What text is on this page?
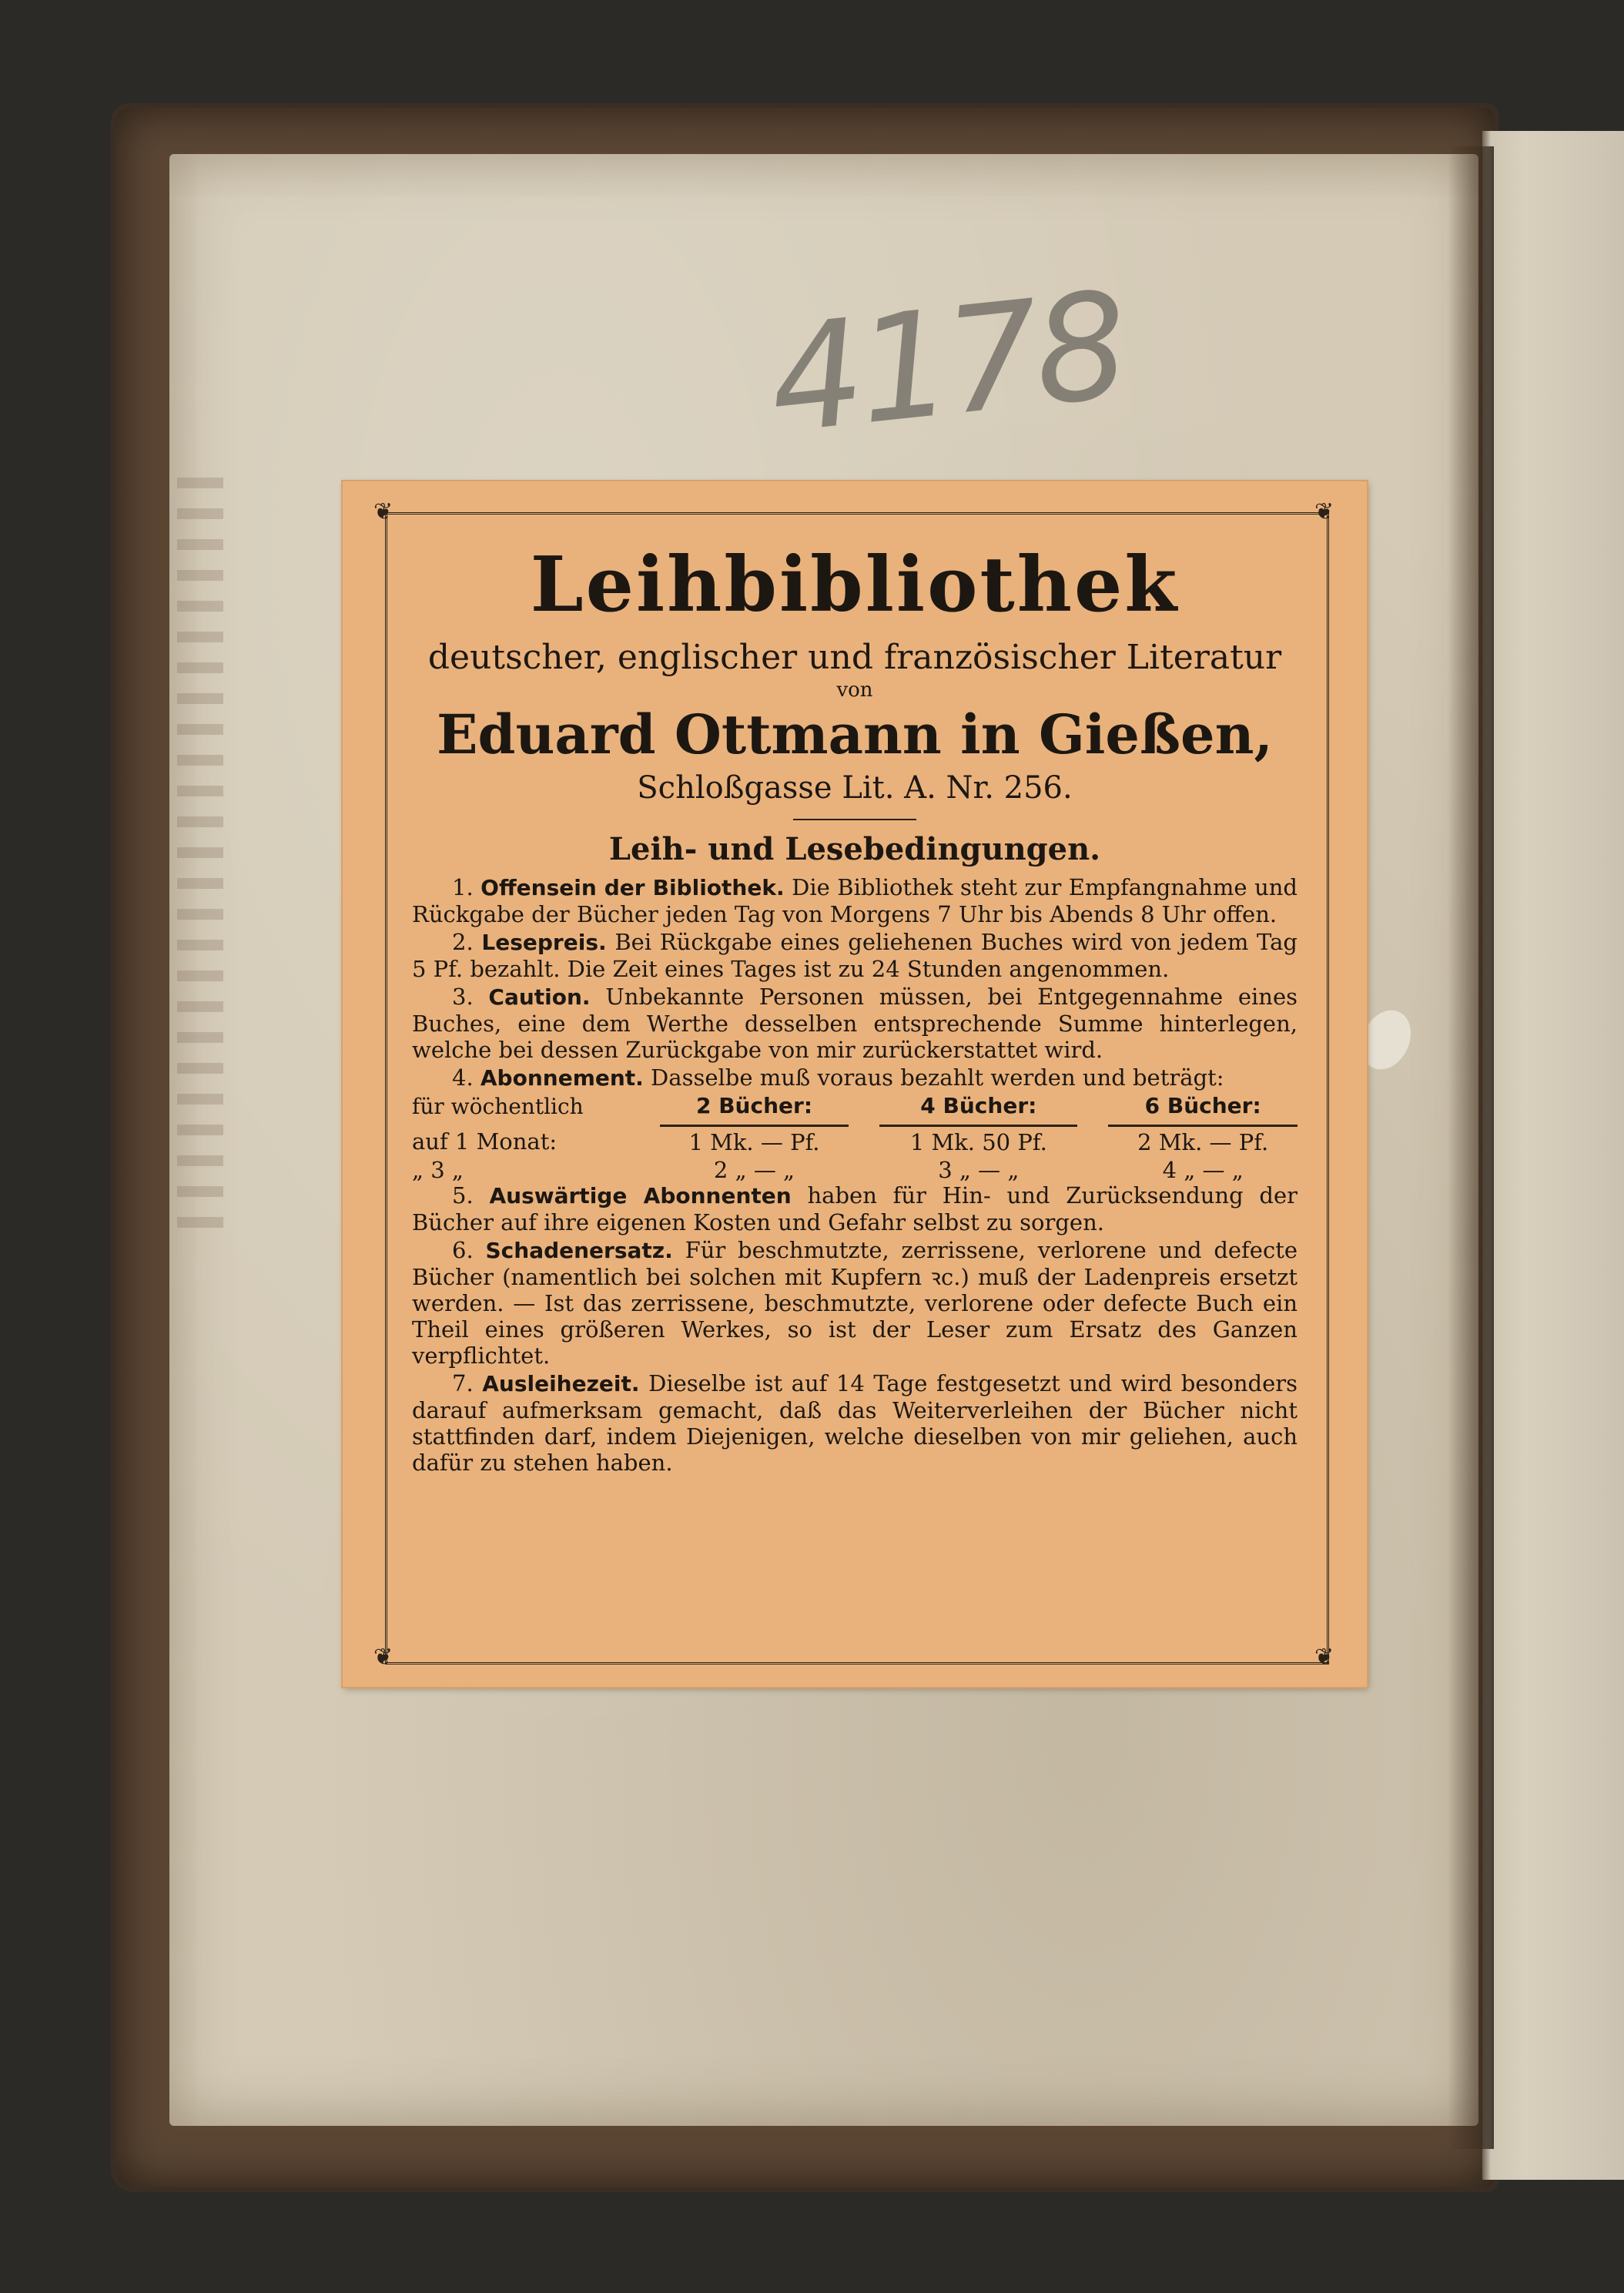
4178
❦	❦
❦	❦
Leihbibliothek
deutscher, englischer und französischer Literatur
von
Eduard Ottmann in Gießen,
Schloßgasse Lit. A. Nr. 256.
Leih- und Lesebedingungen.

1. Offensein der Bibliothek. Die Bibliothek steht zur Empfangnahme und Rückgabe der Bücher jeden Tag von Morgens 7 Uhr bis Abends 8 Uhr offen.

2. Lesepreis. Bei Rückgabe eines geliehenen Buches wird von jedem Tag 5 Pf. bezahlt. Die Zeit eines Tages ist zu 24 Stunden angenommen.

3. Caution. Unbekannte Personen müssen, bei Entgegennahme eines Buches, eine dem Werthe desselben entsprechende Summe hinterlegen, welche bei dessen Zurückgabe von mir zurückerstattet wird.

4. Abonnement. Dasselbe muß voraus bezahlt werden und beträgt:

für wöchentlich	2 Bücher:		4 Bücher:		6 Bücher:
auf 1 Monat:	1 Mk. — Pf.		1 Mk. 50 Pf.		2 Mk. — Pf.
„ 3 „	2 „ — „		3 „ — „		4 „ — „

5. Auswärtige Abonnenten haben für Hin- und Zurücksendung der Bücher auf ihre eigenen Kosten und Gefahr selbst zu sorgen.

6. Schadenersatz. Für beschmutzte, zerrissene, verlorene und defecte Bücher (namentlich bei solchen mit Kupfern ꝛc.) muß der Ladenpreis ersetzt werden. — Ist das zerrissene, beschmutzte, verlorene oder defecte Buch ein Theil eines größeren Werkes, so ist der Leser zum Ersatz des Ganzen verpflichtet.

7. Ausleihezeit. Dieselbe ist auf 14 Tage festgesetzt und wird besonders darauf aufmerksam gemacht, daß das Weiterverleihen der Bücher nicht stattfinden darf, indem Diejenigen, welche dieselben von mir geliehen, auch dafür zu stehen haben.
